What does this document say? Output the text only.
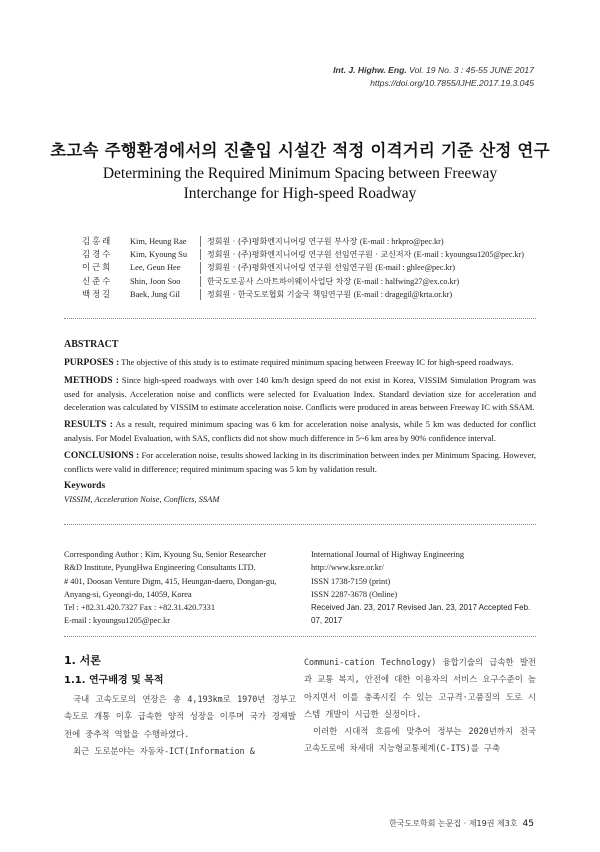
Int. J. Highw. Eng. Vol. 19 No. 3 : 45-55 JUNE 2017
https://doi.org/10.7855/IJHE.2017.19.3.045
초고속 주행환경에서의 진출입 시설간 적정 이격거리 기준 산정 연구
Determining the Required Minimum Spacing between Freeway Interchange for High-speed Roadway
김홍래	Kim, Heung Rae	정회원 · (주)평화엔지니어링 연구원 부사장 (E-mail : hrkpro@pec.kr)
김경수	Kim, Kyoung Su	정회원 · (주)평화엔지니어링 연구원 선임연구원 · 교신저자 (E-mail : kyoungsu1205@pec.kr)
이근희	Lee, Geun Hee	정회원 · (주)평화엔지니어링 연구원 선임연구원 (E-mail : ghlee@pec.kr)
신준수	Shin, Joon Soo	한국도로공사 스마트하이웨이사업단 차장 (E-mail : halfwing27@ex.co.kr)
백정길	Baek, Jung Gil	정회원 · 한국도로협회 기술국 책임연구원 (E-mail : dragegil@krta.or.kr)
ABSTRACT

PURPOSES : The objective of this study is to estimate required minimum spacing between Freeway IC for high-speed roadways.

METHODS : Since high-speed roadways with over 140 km/h design speed do not exist in Korea, VISSIM Simulation Program was used for analysis. Acceleration noise and conflicts were selected for Evaluation Index. Standard deviation size for acceleration and deceleration was calculated by VISSIM to estimate acceleration noise. Conflicts were produced in areas between Freeway IC with SSAM.

RESULTS : As a result, required minimum spacing was 6 km for acceleration noise analysis, while 5 km was deducted for conflict analysis. For Model Evaluation, with SAS, conflicts did not show much difference in 5~6 km area by 90% confidence interval.

CONCLUSIONS : For acceleration noise, results showed lacking in its discrimination between index per Minimum Spacing. However, conflicts were valid in difference; required minimum spacing was 5 km by validation result.

Keywords

VISSIM, Acceleration Noise, Conflicts, SSAM

Corresponding Author : Kim, Kyoung Su, Senior Researcher
R&D Institute, PyungHwa Engineering Consultants LTD.
# 401, Doosan Venture Digm, 415, Heungan-daero, Dongan-gu,
Anyang-si, Gyeongi-do, 14059, Korea
Tel : +82.31.420.7327 Fax : +82.31.420.7331
E-mail : kyoungsu1205@pec.kr
International Journal of Highway Engineering
http://www.ksre.or.kr/
ISSN 1738-7159 (print)
ISSN 2287-3678 (Online)
Received Jan. 23, 2017 Revised Jan. 23, 2017 Accepted Feb. 07, 2017
1. 서론
1.1. 연구배경 및 목적

국내 고속도로의 연장은 총 4,193km로 1970년 경부고속도로 개통 이후 급속한 양적 성장을 이루며 국가 경제발전에 중추적 역할을 수행하였다.

최근 도로분야는 자동차-ICT(Information &

Communi-cation Technology) 융합기술의 급속한 발전과 교통 복지, 안전에 대한 이용자의 서비스 요구수준이 높아지면서 이를 충족시킬 수 있는 고규격·고품질의 도로 시스템 개발이 시급한 실정이다.

이러한 시대적 흐름에 맞추어 정부는 2020년까지 전국 고속도로에 차세대 지능형교통체계(C-ITS)를 구축

한국도로학회 논문집 · 제19권 제3호 45
